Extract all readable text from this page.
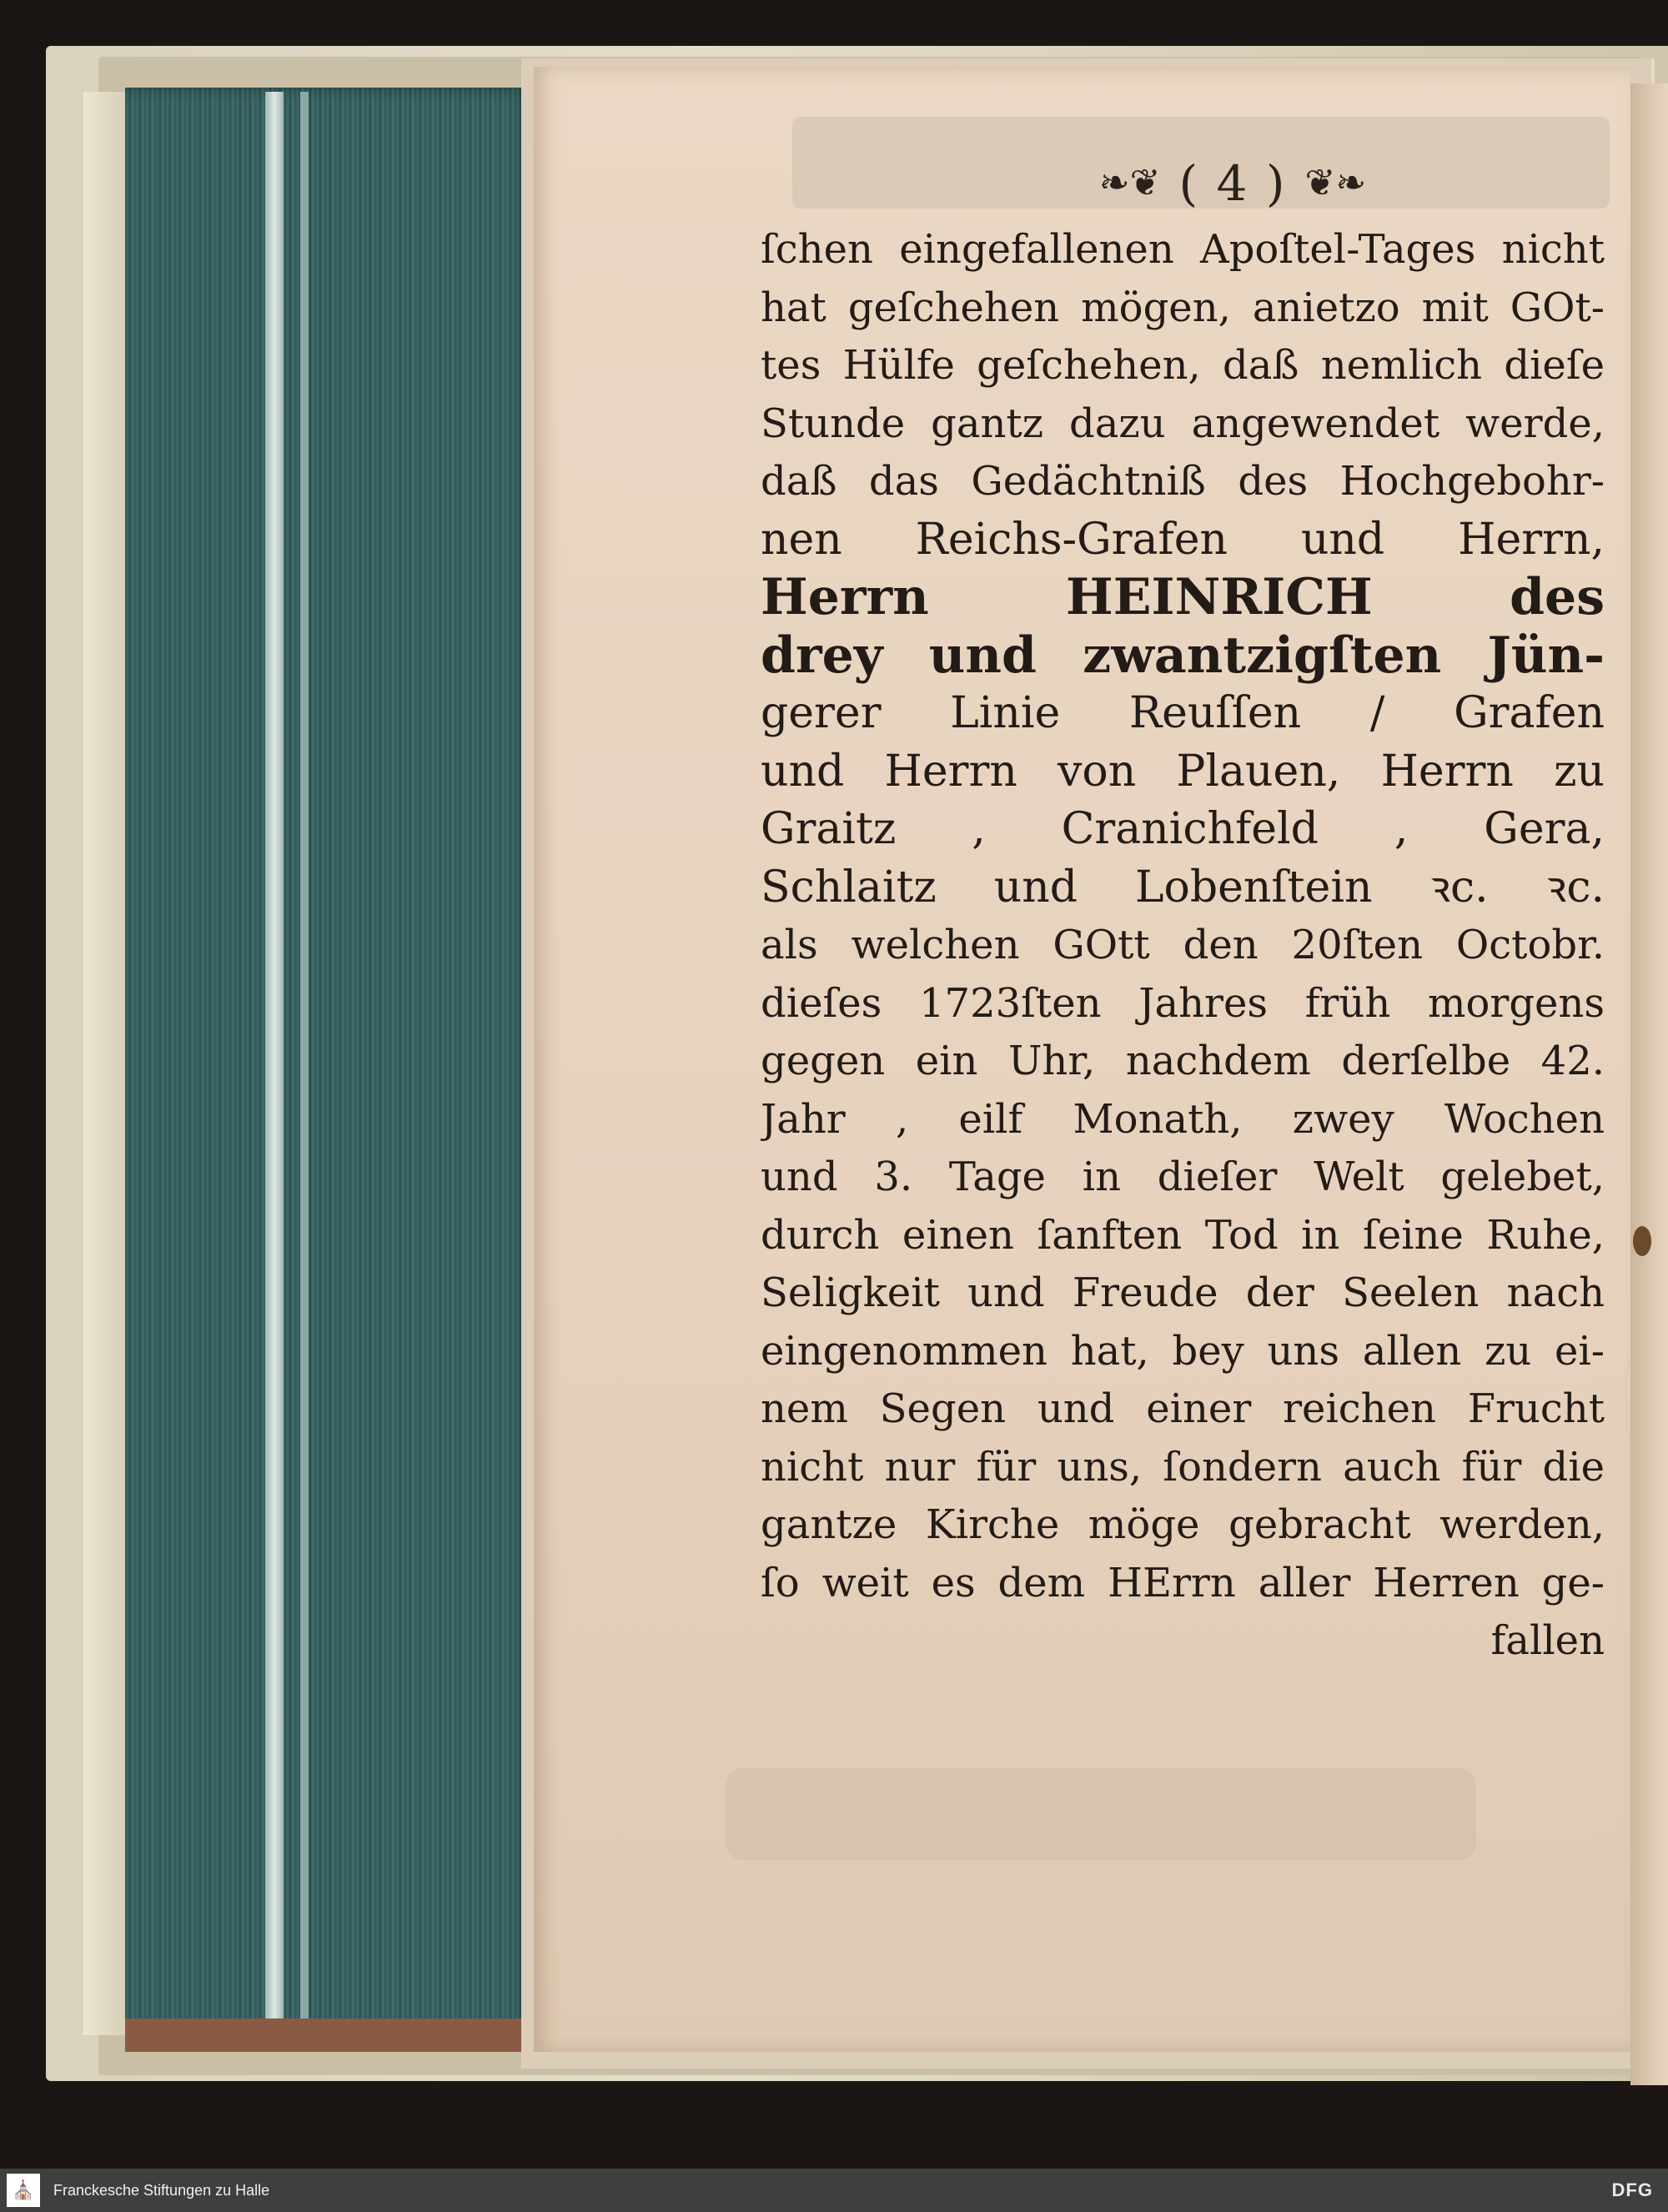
❧❦ ( 4 ) ❦❧
ſchen eingefallenen Apoſtel-Tages nicht
hat geſchehen mögen, anietzo mit GOt-
tes Hülfe geſchehen, daß nemlich dieſe
Stunde gantz dazu angewendet werde,
daß das Gedächtniß des Hochgebohr-
nen Reichs-Grafen und Herrn,
Herrn HEINRICH des
drey und zwantzigſten Jün-
gerer Linie Reuſſen / Grafen
und Herrn von Plauen, Herrn zu
Graitz , Cranichfeld , Gera,
Schlaitz und Lobenſtein ꝛc. ꝛc.
als welchen GOtt den 20ſten Octobr.
dieſes 1723ſten Jahres früh morgens
gegen ein Uhr, nachdem derſelbe 42.
Jahr , eilf Monath, zwey Wochen
und 3. Tage in dieſer Welt gelebet,
durch einen ſanften Tod in ſeine Ruhe,
Seligkeit und Freude der Seelen nach
eingenommen hat, bey uns allen zu ei-
nem Segen und einer reichen Frucht
nicht nur für uns, ſondern auch für die
gantze Kirche möge gebracht werden,
ſo weit es dem HErrn aller Herren ge-
fallen
⛪ Franckesche Stiftungen zu Halle	DFG
